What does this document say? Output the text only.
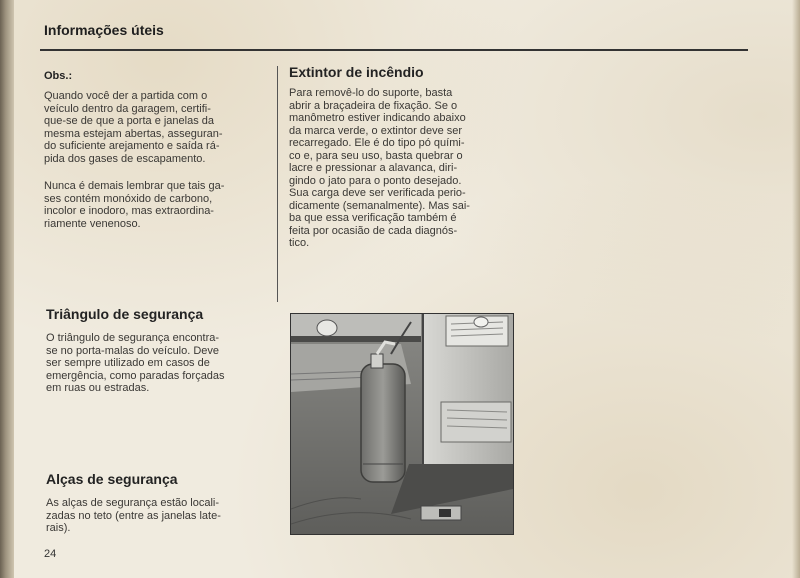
Informações úteis
Obs.:
Quando você der a partida com o
veículo dentro da garagem, certifi-
que-se de que a porta e janelas da
mesma estejam abertas, asseguran-
do suficiente arejamento e saída rá-
pida dos gases de escapamento.
Nunca é demais lembrar que tais ga-
ses contém monóxido de carbono,
incolor e inodoro, mas extraordina-
riamente venenoso.
Triângulo de segurança
O triângulo de segurança encontra-
se no porta-malas do veículo. Deve
ser sempre utilizado em casos de
emergência, como paradas forçadas
em ruas ou estradas.
Alças de segurança
As alças de segurança estão locali-
zadas no teto (entre as janelas late-
rais).
Extintor de incêndio
Para removê-lo do suporte, basta
abrir a braçadeira de fixação. Se o
manômetro estiver indicando abaixo
da marca verde, o extintor deve ser
recarregado. Ele é do tipo pó quími-
co e, para seu uso, basta quebrar o
lacre e pressionar a alavanca, diri-
gindo o jato para o ponto desejado.
Sua carga deve ser verificada perio-
dicamente (semanalmente). Mas sai-
ba que essa verificação também é
feita por ocasião de cada diagnós-
tico.
24
